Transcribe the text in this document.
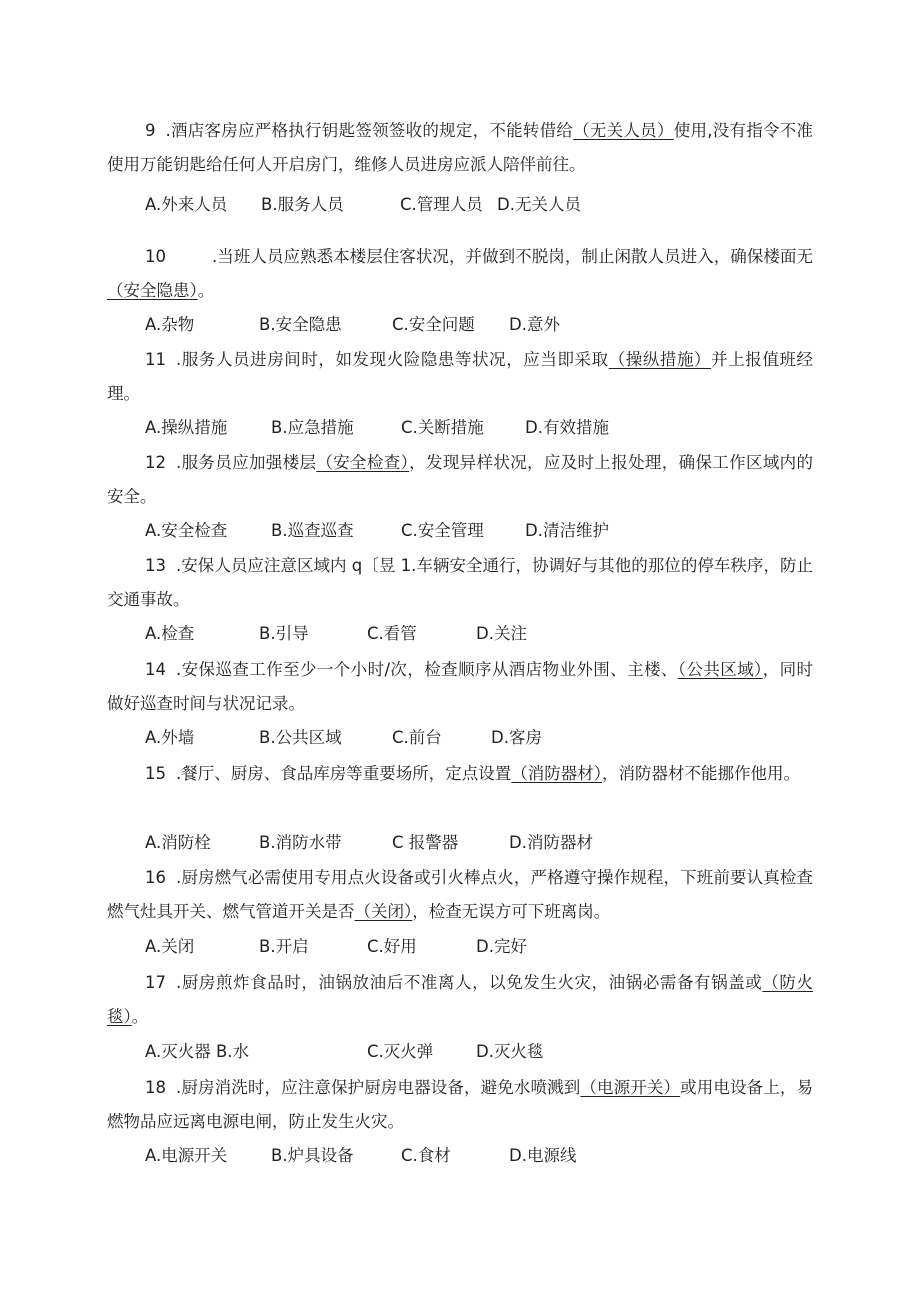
9 .酒店客房应严格执行钥匙签领签收的规定，不能转借给（无关人员）使用,没有指令不准使用万能钥匙给任何人开启房门，维修人员进房应派人陪伴前往。

A.外来人员 B.服务人员	C.管理人员 D.无关人员

10	.当班人员应熟悉本楼层住客状况，并做到不脱岗，制止闲散人员进入，确保楼面无（安全隐患）。

A.杂物	B.安全隐患	C.安全问题 D.意外

11 .服务人员进房间时，如发现火险隐患等状况，应当即采取（操纵措施）并上报值班经理。

A.操纵措施	B.应急措施	C.关断措施 D.有效措施

12 .服务员应加强楼层（安全检查），发现异样状况，应及时上报处理，确保工作区域内的安全。

A.安全检查	B.巡查巡查	C.安全管理 D.清洁维护

13 .安保人员应注意区域内 q〔昱 1.车辆安全通行，协调好与其他的那位的停车秩序，防止交通事故。

A.检查	B.引导	C.看管	D.关注

14 .安保巡查工作至少一个小时/次，检查顺序从酒店物业外围、主楼、（公共区域），同时做好巡查时间与状况记录。

A.外墙	B.公共区域	C.前台	D.客房

15 .餐厅、厨房、食品库房等重要场所，定点设置（消防器材），消防器材不能挪作他用。

A.消防栓	B.消防水带	C 报警器	D.消防器材

16 .厨房燃气必需使用专用点火设备或引火棒点火，严格遵守操作规程，下班前要认真检查燃气灶具开关、燃气管道开关是否（关闭），检查无误方可下班离岗。

A.关闭	B.开启	C.好用	D.完好

17 .厨房煎炸食品时，油锅放油后不准离人，以免发生火灾，油锅必需备有锅盖或（防火毯）。

A.灭火器 B.水	C.灭火弹	D.灭火毯

18 .厨房消洗时，应注意保护厨房电器设备，避免水喷溅到（电源开关）或用电设备上，易燃物品应远离电源电闸，防止发生火灾。

A.电源开关	B.炉具设备	C.食材	D.电源线
